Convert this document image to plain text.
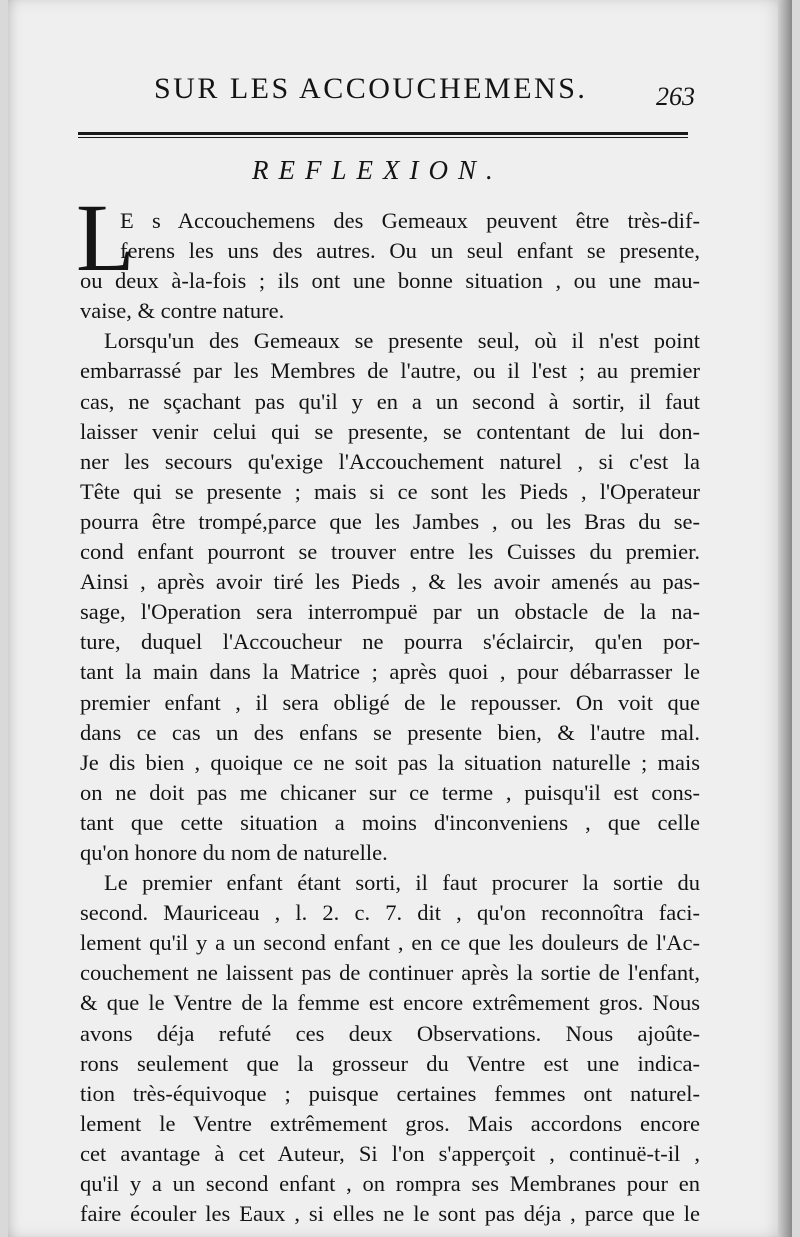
SUR LES ACCOUCHEMENS.	263
REFLEXION.
L
E s Accouchemens des Gemeaux peuvent être très-dif-
ferens les uns des autres. Ou un seul enfant se presente,
ou deux à-la-fois ; ils ont une bonne situation , ou une mau-
vaise, & contre nature.
Lorsqu'un des Gemeaux se presente seul, où il n'est point
embarrassé par les Membres de l'autre, ou il l'est ; au premier
cas, ne sçachant pas qu'il y en a un second à sortir, il faut
laisser venir celui qui se presente, se contentant de lui don-
ner les secours qu'exige l'Accouchement naturel , si c'est la
Tête qui se presente ; mais si ce sont les Pieds , l'Operateur
pourra être trompé,parce que les Jambes , ou les Bras du se-
cond enfant pourront se trouver entre les Cuisses du premier.
Ainsi , après avoir tiré les Pieds , & les avoir amenés au pas-
sage, l'Operation sera interrompuë par un obstacle de la na-
ture, duquel l'Accoucheur ne pourra s'éclaircir, qu'en por-
tant la main dans la Matrice ; après quoi , pour débarrasser le
premier enfant , il sera obligé de le repousser. On voit que
dans ce cas un des enfans se presente bien, & l'autre mal.
Je dis bien , quoique ce ne soit pas la situation naturelle ; mais
on ne doit pas me chicaner sur ce terme , puisqu'il est cons-
tant que cette situation a moins d'inconveniens , que celle
qu'on honore du nom de naturelle.
Le premier enfant étant sorti, il faut procurer la sortie du
second. Mauriceau , l. 2. c. 7. dit , qu'on reconnoîtra faci-
lement qu'il y a un second enfant , en ce que les douleurs de l'Ac-
couchement ne laissent pas de continuer après la sortie de l'enfant,
& que le Ventre de la femme est encore extrêmement gros. Nous
avons déja refuté ces deux Observations. Nous ajoûte-
rons seulement que la grosseur du Ventre est une indica-
tion très-équivoque ; puisque certaines femmes ont naturel-
lement le Ventre extrêmement gros. Mais accordons encore
cet avantage à cet Auteur, Si l'on s'apperçoit , continuë-t-il ,
qu'il y a un second enfant , on rompra ses Membranes pour en
faire écouler les Eaux , si elles ne le sont pas déja , parce que le
